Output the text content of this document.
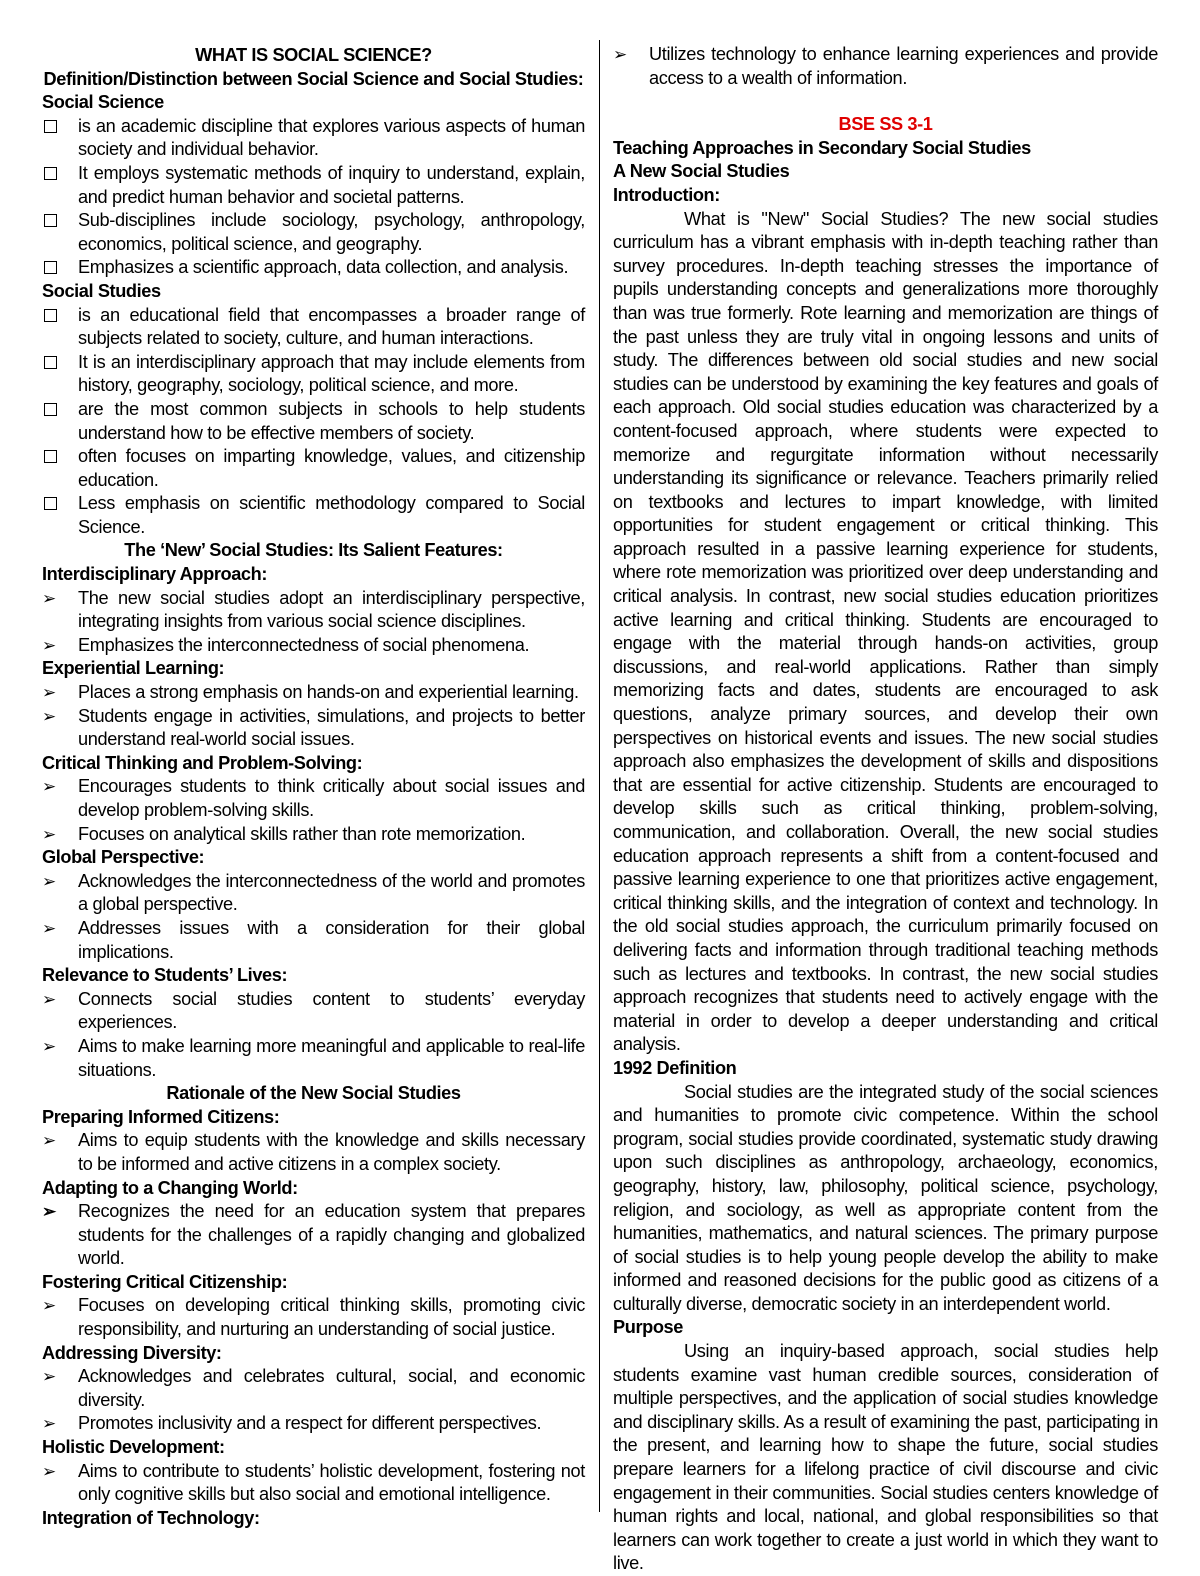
WHAT IS SOCIAL SCIENCE?
Definition/Distinction between Social Science and Social Studies:
Social Science
is an academic discipline that explores various aspects of human society and individual behavior.
It employs systematic methods of inquiry to understand, explain, and predict human behavior and societal patterns.
Sub-disciplines include sociology, psychology, anthropology, economics, political science, and geography.
Emphasizes a scientific approach, data collection, and analysis.
Social Studies
is an educational field that encompasses a broader range of subjects related to society, culture, and human interactions.
It is an interdisciplinary approach that may include elements from history, geography, sociology, political science, and more.
are the most common subjects in schools to help students understand how to be effective members of society.
often focuses on imparting knowledge, values, and citizenship education.
Less emphasis on scientific methodology compared to Social Science.
The ‘New’ Social Studies: Its Salient Features:
Interdisciplinary Approach:
➢	The new social studies adopt an interdisciplinary perspective, integrating insights from various social science disciplines.
➢	Emphasizes the interconnectedness of social phenomena.
Experiential Learning:
➢	Places a strong emphasis on hands-on and experiential learning.
➢	Students engage in activities, simulations, and projects to better understand real-world social issues.
Critical Thinking and Problem-Solving:
➢	Encourages students to think critically about social issues and develop problem-solving skills.
➢	Focuses on analytical skills rather than rote memorization.
Global Perspective:
➢	Acknowledges the interconnectedness of the world and promotes a global perspective.
➢	Addresses issues with a consideration for their global implications.
Relevance to Students’ Lives:
➢	Connects social studies content to students’ everyday experiences.
➢	Aims to make learning more meaningful and applicable to real-life situations.
Rationale of the New Social Studies
Preparing Informed Citizens:
➢	Aims to equip students with the knowledge and skills necessary to be informed and active citizens in a complex society.
Adapting to a Changing World:
➢	Recognizes the need for an education system that prepares students for the challenges of a rapidly changing and globalized world.
Fostering Critical Citizenship:
➢	Focuses on developing critical thinking skills, promoting civic responsibility, and nurturing an understanding of social justice.
Addressing Diversity:
➢	Acknowledges and celebrates cultural, social, and economic diversity.
➢	Promotes inclusivity and a respect for different perspectives.
Holistic Development:
➢	Aims to contribute to students’ holistic development, fostering not only cognitive skills but also social and emotional intelligence.
Integration of Technology:
➢	Utilizes technology to enhance learning experiences and provide access to a wealth of information.
BSE SS 3-1
Teaching Approaches in Secondary Social Studies
A New Social Studies
Introduction:
What is "New" Social Studies? The new social studies curriculum has a vibrant emphasis with in-depth teaching rather than survey procedures. In-depth teaching stresses the importance of pupils understanding concepts and generalizations more thoroughly than was true formerly. Rote learning and memorization are things of the past unless they are truly vital in ongoing lessons and units of study. The differences between old social studies and new social studies can be understood by examining the key features and goals of each approach. Old social studies education was characterized by a content-focused approach, where students were expected to memorize and regurgitate information without necessarily understanding its significance or relevance. Teachers primarily relied on textbooks and lectures to impart knowledge, with limited opportunities for student engagement or critical thinking. This approach resulted in a passive learning experience for students, where rote memorization was prioritized over deep understanding and critical analysis. In contrast, new social studies education prioritizes active learning and critical thinking. Students are encouraged to engage with the material through hands-on activities, group discussions, and real-world applications. Rather than simply memorizing facts and dates, students are encouraged to ask questions, analyze primary sources, and develop their own perspectives on historical events and issues. The new social studies approach also emphasizes the development of skills and dispositions that are essential for active citizenship. Students are encouraged to develop skills such as critical thinking, problem-solving, communication, and collaboration. Overall, the new social studies education approach represents a shift from a content-focused and passive learning experience to one that prioritizes active engagement, critical thinking skills, and the integration of context and technology. In the old social studies approach, the curriculum primarily focused on delivering facts and information through traditional teaching methods such as lectures and textbooks. In contrast, the new social studies approach recognizes that students need to actively engage with the material in order to develop a deeper understanding and critical analysis.
1992 Definition
Social studies are the integrated study of the social sciences and humanities to promote civic competence. Within the school program, social studies provide coordinated, systematic study drawing upon such disciplines as anthropology, archaeology, economics, geography, history, law, philosophy, political science, psychology, religion, and sociology, as well as appropriate content from the humanities, mathematics, and natural sciences. The primary purpose of social studies is to help young people develop the ability to make informed and reasoned decisions for the public good as citizens of a culturally diverse, democratic society in an interdependent world.
Purpose
Using an inquiry-based approach, social studies help students examine vast human credible sources, consideration of multiple perspectives, and the application of social studies knowledge and disciplinary skills. As a result of examining the past, participating in the present, and learning how to shape the future, social studies prepare learners for a lifelong practice of civil discourse and civic engagement in their communities. Social studies centers knowledge of human rights and local, national, and global responsibilities so that learners can work together to create a just world in which they want to live.
